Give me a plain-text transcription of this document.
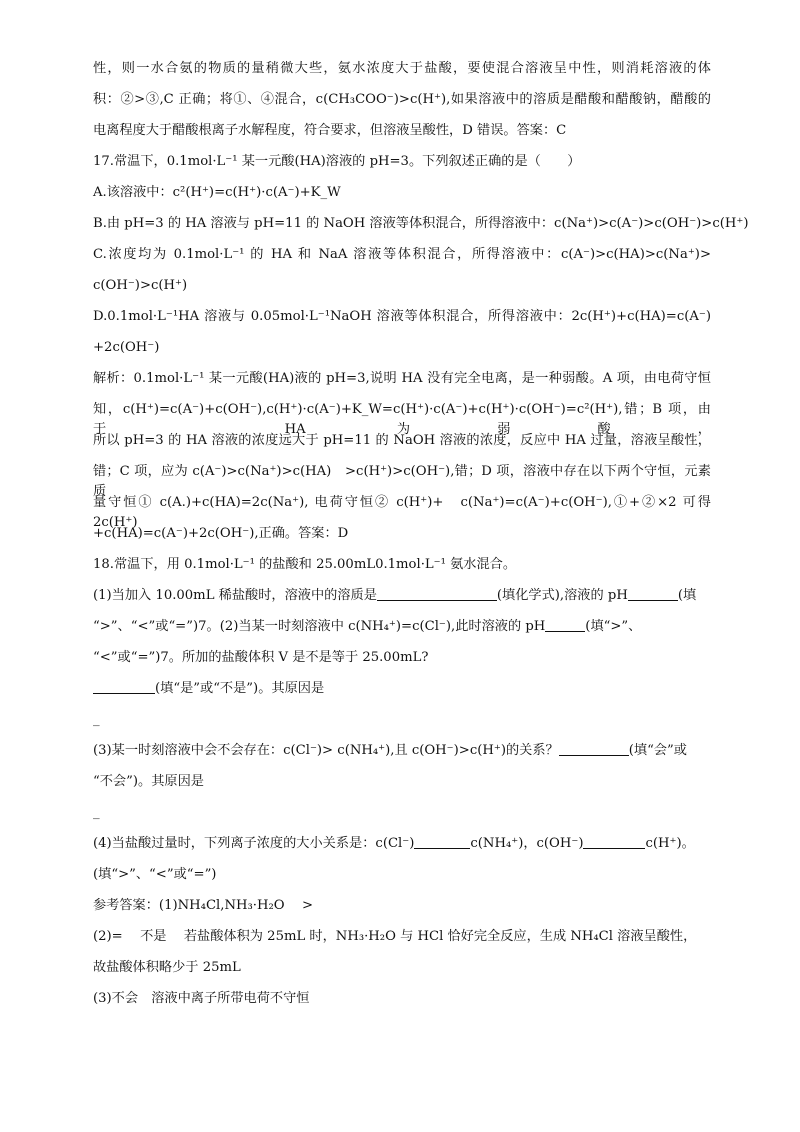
性，则一水合氨的物质的量稍微大些，氨水浓度大于盐酸，要使混合溶液呈中性，则消耗溶液的体
积：②>③,C 正确；将①、④混合，c(CH₃COO⁻)>c(H⁺),如果溶液中的溶质是醋酸和醋酸钠，醋酸的
电离程度大于醋酸根离子水解程度，符合要求，但溶液呈酸性，D 错误。答案：C
17.常温下，0.1mol·L⁻¹ 某一元酸(HA)溶液的 pH=3。下列叙述正确的是（　　）
A.该溶液中：c²(H⁺)=c(H⁺)·c(A⁻)+K_W
B.由 pH=3 的 HA 溶液与 pH=11 的 NaOH 溶液等体积混合，所得溶液中：c(Na⁺)>c(A⁻)>c(OH⁻)>c(H⁺)
C.浓度均为 0.1mol·L⁻¹ 的 HA 和 NaA 溶液等体积混合，所得溶液中：c(A⁻)>c(HA)>c(Na⁺)>
c(OH⁻)>c(H⁺)
D.0.1mol·L⁻¹HA 溶液与 0.05mol·L⁻¹NaOH 溶液等体积混合，所得溶液中：2c(H⁺)+c(HA)=c(A⁻)
+2c(OH⁻)
解析：0.1mol·L⁻¹ 某一元酸(HA)液的 pH=3,说明 HA 没有完全电离，是一种弱酸。A 项，由电荷守恒
知，c(H⁺)=c(A⁻)+c(OH⁻),c(H⁺)·c(A⁻)+K_W=c(H⁺)·c(A⁻)+c(H⁺)·c(OH⁻)=c²(H⁺),错；B 项，由于 HA 为弱酸，
所以 pH=3 的 HA 溶液的浓度远大于 pH=11 的 NaOH 溶液的浓度，反应中 HA 过量，溶液呈酸性，
错；C 项，应为 c(A⁻)>c(Na⁺)>c(HA)　>c(H⁺)>c(OH⁻),错；D 项，溶液中存在以下两个守恒，元素质
量守恒① c(A.)+c(HA)=2c(Na⁺), 电荷守恒② c(H⁺)+　c(Na⁺)=c(A⁻)+c(OH⁻),①+②×2 可得 2c(H⁺)
+c(HA)=c(A⁻)+2c(OH⁻),正确。答案：D
18.常温下，用 0.1mol·L⁻¹ 的盐酸和 25.00mL0.1mol·L⁻¹ 氨水混合。
(1)当加入 10.00mL 稀盐酸时，溶液中的溶质是	(填化学式),溶液的 pH	(填
“>”、“<”或“=”)7。(2)当某一时刻溶液中 c(NH₄⁺)=c(Cl⁻),此时溶液的 pH	(填“>”、
“<”或“=”)7。所加的盐酸体积 V 是不是等于 25.00mL?
(填“是”或“不是”)。其原因是
_
(3)某一时刻溶液中会不会存在：c(Cl⁻)> c(NH₄⁺),且 c(OH⁻)>c(H⁺)的关系？	(填“会”或
“不会”)。其原因是
_
(4)当盐酸过量时，下列离子浓度的大小关系是：c(Cl⁻)	c(NH₄⁺)，c(OH⁻)	c(H⁺)。
(填“>”、“<”或“=”)
参考答案：(1)NH₄Cl,NH₃·H₂O　 >
(2)=　 不是　 若盐酸体积为 25mL 时，NH₃·H₂O 与 HCl 恰好完全反应，生成 NH₄Cl 溶液呈酸性，
故盐酸体积略少于 25mL
(3)不会　溶液中离子所带电荷不守恒
